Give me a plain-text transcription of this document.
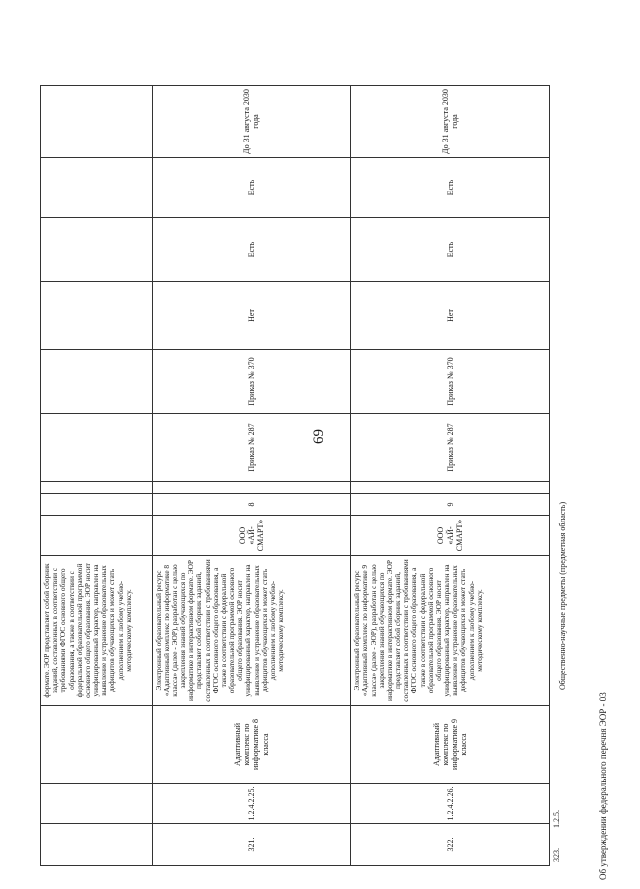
69
			формате. ЭОР представляет собой сборник заданий, составленных в соответствии с требованиями ФГОС основного общего образования, а также в соответствии с федеральной образовательной программой основного общего образования. ЭОР носит унифицированный характер, направлен на выявление и устранение образовательных дефицитов обучающихся и может стать дополнением к любому учебно-методическому комплексу.									
321.	1.2.4.2.25.	Адаптивный комплекс по информатике 8 класса	Электронный образовательный ресурс «Адаптивный комплекс по информатике 8 класса» (далее - ЭОР), разработан с целью закрепления знаний обучающихся по информатике в интерактивном формате. ЭОР представляет собой сборник заданий, составленных в соответствии с требованиями ФГОС основного общего образования, а также в соответствии с федеральной образовательной программой основного общего образования. ЭОР носит унифицированный характер, направлен на выявление и устранение образовательных дефицитов обучающихся и может стать дополнением к любому учебно-методическому комплексу.	ООО «АЙ-СМАРТ»	8		Приказ № 287	Приказ № 370	Нет	Есть	Есть	До 31 августа 2030 года
322.	1.2.4.2.26.	Адаптивный комплекс по информатике 9 класса	Электронный образовательный ресурс «Адаптивный комплекс по информатике 9 класса» (далее - ЭОР), разработан с целью закрепления знаний обучающихся по информатике в интерактивном формате. ЭОР представляет собой сборник заданий, составленных в соответствии с требованиями ФГОС основного общего образования, а также в соответствии с федеральной образовательной программой основного общего образования. ЭОР носит унифицированный характер, направлен на выявление и устранение образовательных дефицитов обучающихся и может стать дополнением к любому учебно-методическому комплексу.	ООО «АЙ-СМАРТ»	9		Приказ № 287	Приказ № 370	Нет	Есть	Есть	До 31 августа 2030 года
Общественно-научные предметы (предметная область)
323. 1.2.5.	Об утверждении федерального перечня ЭОР - 03
